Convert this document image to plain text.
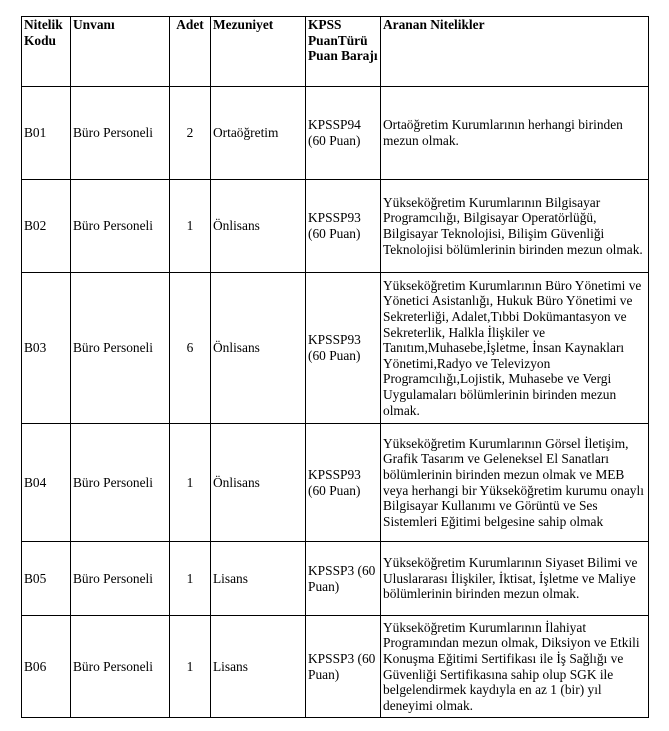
Nitelik Kodu	Unvanı	Adet	Mezuniyet	KPSS PuanTürü Puan Barajı	Aranan Nitelikler
B01	Büro Personeli	2	Ortaöğretim	KPSSP94 (60 Puan)	Ortaöğretim Kurumlarının herhangi birinden mezun olmak.
B02	Büro Personeli	1	Önlisans	KPSSP93 (60 Puan)	Yükseköğretim Kurumlarının Bilgisayar Programcılığı, Bilgisayar Operatörlüğü, Bilgisayar Teknolojisi, Bilişim Güvenliği Teknolojisi bölümlerinin birinden mezun olmak.
B03	Büro Personeli	6	Önlisans	KPSSP93 (60 Puan)	Yükseköğretim Kurumlarının Büro Yönetimi ve Yönetici Asistanlığı, Hukuk Büro Yönetimi ve Sekreterliği, Adalet,Tıbbi Dokümantasyon ve Sekreterlik, Halkla İlişkiler ve Tanıtım,Muhasebe,İşletme, İnsan Kaynakları Yönetimi,Radyo ve Televizyon Programcılığı,Lojistik, Muhasebe ve Vergi Uygulamaları bölümlerinin birinden mezun olmak.
B04	Büro Personeli	1	Önlisans	KPSSP93 (60 Puan)	Yükseköğretim Kurumlarının Görsel İletişim, Grafik Tasarım ve Geleneksel El Sanatları bölümlerinin birinden mezun olmak ve MEB veya herhangi bir Yükseköğretim kurumu onaylı Bilgisayar Kullanımı ve Görüntü ve Ses Sistemleri Eğitimi belgesine sahip olmak
B05	Büro Personeli	1	Lisans	KPSSP3 (60 Puan)	Yükseköğretim Kurumlarının Siyaset Bilimi ve Uluslararası İlişkiler, İktisat, İşletme ve Maliye bölümlerinin birinden mezun olmak.
B06	Büro Personeli	1	Lisans	KPSSP3 (60 Puan)	Yükseköğretim Kurumlarının İlahiyat Programından mezun olmak, Diksiyon ve Etkili Konuşma Eğitimi Sertifikası ile İş Sağlığı ve Güvenliği Sertifikasına sahip olup SGK ile belgelendirmek kaydıyla en az 1 (bir) yıl deneyimi olmak.
